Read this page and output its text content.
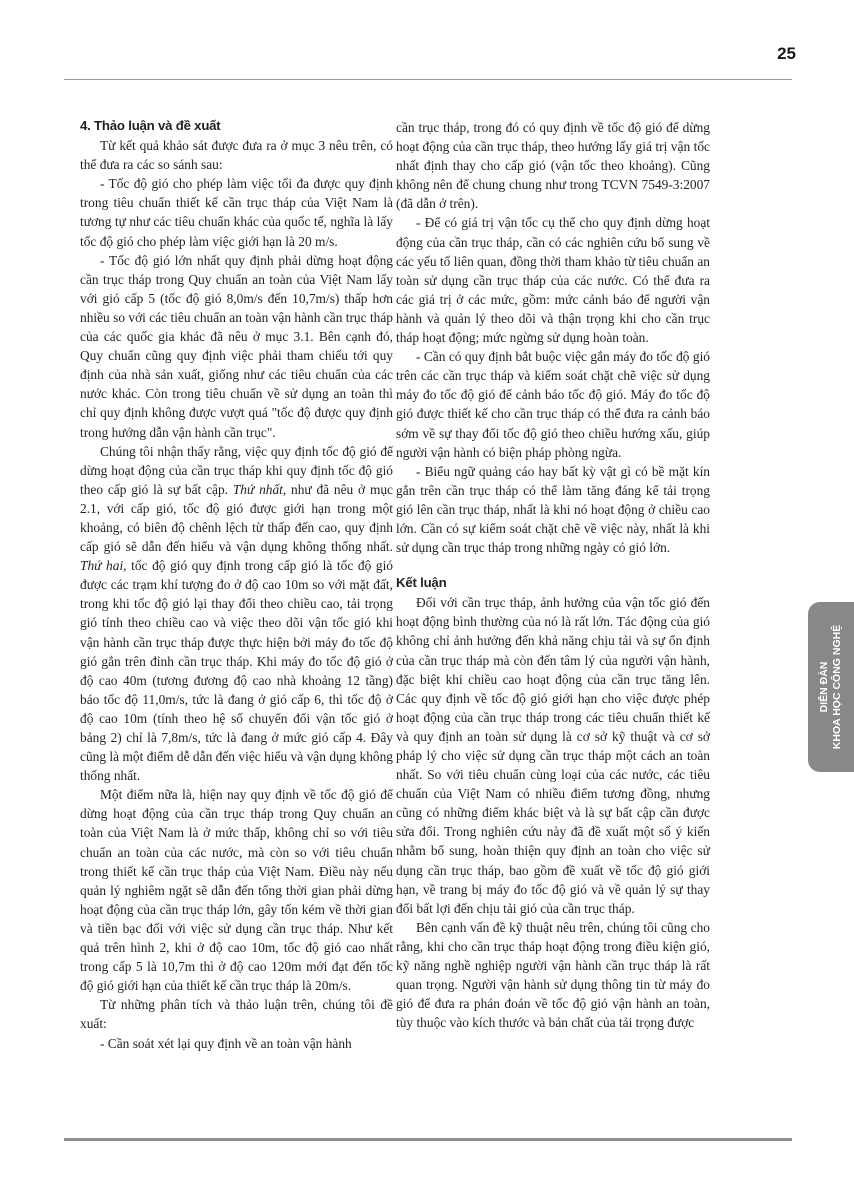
25
4. Thảo luận và đề xuất

Từ kết quả khảo sát được đưa ra ở mục 3 nêu trên, có thể đưa ra các so sánh sau:

- Tốc độ gió cho phép làm việc tối đa được quy định trong tiêu chuẩn thiết kế cần trục tháp của Việt Nam là tương tự như các tiêu chuẩn khác của quốc tế, nghĩa là lấy tốc độ gió cho phép làm việc giới hạn là 20 m/s.

- Tốc độ gió lớn nhất quy định phải dừng hoạt động cần trục tháp trong Quy chuẩn an toàn của Việt Nam lấy với gió cấp 5 (tốc độ gió 8,0m/s đến 10,7m/s) thấp hơn nhiều so với các tiêu chuẩn an toàn vận hành cần trục tháp của các quốc gia khác đã nêu ở mục 3.1. Bên cạnh đó, Quy chuẩn cũng quy định việc phải tham chiếu tới quy định của nhà sản xuất, giống như các tiêu chuẩn của các nước khác. Còn trong tiêu chuẩn về sử dụng an toàn thì chỉ quy định không được vượt quá "tốc độ được quy định trong hướng dẫn vận hành cần trục".

Chúng tôi nhận thấy rằng, việc quy định tốc độ gió để dừng hoạt động của cần trục tháp khi quy định tốc độ gió theo cấp gió là sự bất cập. Thứ nhất, như đã nêu ở mục 2.1, với cấp gió, tốc độ gió được giới hạn trong một khoảng, có biên độ chênh lệch từ thấp đến cao, quy định cấp gió sẽ dẫn đến hiểu và vận dụng không thống nhất. Thứ hai, tốc độ gió quy định trong cấp gió là tốc độ gió được các trạm khí tượng đo ở độ cao 10m so với mặt đất, trong khi tốc độ gió lại thay đổi theo chiều cao, tải trọng gió tính theo chiều cao và việc theo dõi vận tốc gió khi vận hành cần trục tháp được thực hiện bởi máy đo tốc độ gió gắn trên đỉnh cần trục tháp. Khi máy đo tốc độ gió ở độ cao 40m (tương đương độ cao nhà khoảng 12 tầng) báo tốc độ 11,0m/s, tức là đang ở gió cấp 6, thì tốc độ ở độ cao 10m (tính theo hệ số chuyển đổi vận tốc gió ở bảng 2) chỉ là 7,8m/s, tức là đang ở mức gió cấp 4. Đây cũng là một điểm dễ dẫn đến việc hiểu và vận dụng không thống nhất.

Một điểm nữa là, hiện nay quy định về tốc độ gió để dừng hoạt động của cần trục tháp trong Quy chuẩn an toàn của Việt Nam là ở mức thấp, không chỉ so với tiêu chuẩn an toàn của các nước, mà còn so với tiêu chuẩn trong thiết kế cần trục tháp của Việt Nam. Điều này nếu quản lý nghiêm ngặt sẽ dẫn đến tổng thời gian phải dừng hoạt động của cần trục tháp lớn, gây tốn kém về thời gian và tiền bạc đối với việc sử dụng cần trục tháp. Như kết quả trên hình 2, khi ở độ cao 10m, tốc độ gió cao nhất trong cấp 5 là 10,7m thì ở độ cao 120m mới đạt đến tốc độ gió giới hạn của thiết kế cần trục tháp là 20m/s.

Từ những phân tích và thảo luận trên, chúng tôi đề xuất:

- Cần soát xét lại quy định về an toàn vận hành

cần trục tháp, trong đó có quy định về tốc độ gió để dừng hoạt động của cần trục tháp, theo hướng lấy giá trị vận tốc nhất định thay cho cấp gió (vận tốc theo khoảng). Cũng không nên để chung chung như trong TCVN 7549-3:2007 (đã dẫn ở trên).

- Để có giá trị vận tốc cụ thể cho quy định dừng hoạt động của cần trục tháp, cần có các nghiên cứu bổ sung về các yếu tố liên quan, đồng thời tham khảo từ tiêu chuẩn an toàn sử dụng cần trục tháp của các nước. Có thể đưa ra các giá trị ở các mức, gồm: mức cảnh báo để người vận hành và quản lý theo dõi và thận trọng khi cho cần trục tháp hoạt động; mức ngừng sử dụng hoàn toàn.

- Cần có quy định bắt buộc việc gắn máy đo tốc độ gió trên các cần trục tháp và kiểm soát chặt chẽ việc sử dụng máy đo tốc độ gió để cảnh báo tốc độ gió. Máy đo tốc độ gió được thiết kế cho cần trục tháp có thể đưa ra cảnh báo sớm về sự thay đổi tốc độ gió theo chiều hướng xấu, giúp người vận hành có biện pháp phòng ngừa.

- Biểu ngữ quảng cáo hay bất kỳ vật gì có bề mặt kín gắn trên cần trục tháp có thể làm tăng đáng kể tải trọng gió lên cần trục tháp, nhất là khi nó hoạt động ở chiều cao lớn. Cần có sự kiểm soát chặt chẽ về việc này, nhất là khi sử dụng cần trục tháp trong những ngày có gió lớn.

Kết luận

Đối với cần trục tháp, ảnh hưởng của vận tốc gió đến hoạt động bình thường của nó là rất lớn. Tác động của gió không chỉ ảnh hưởng đến khả năng chịu tải và sự ổn định của cần trục tháp mà còn đến tâm lý của người vận hành, đặc biệt khi chiều cao hoạt động của cần trục tăng lên. Các quy định về tốc độ gió giới hạn cho việc được phép hoạt động của cần trục tháp trong các tiêu chuẩn thiết kế và quy định an toàn sử dụng là cơ sở kỹ thuật và cơ sở pháp lý cho việc sử dụng cần trục tháp một cách an toàn nhất. So với tiêu chuẩn cùng loại của các nước, các tiêu chuẩn của Việt Nam có nhiều điểm tương đồng, nhưng cũng có những điểm khác biệt và là sự bất cập cần được sửa đổi. Trong nghiên cứu này đã đề xuất một số ý kiến nhằm bổ sung, hoàn thiện quy định an toàn cho việc sử dụng cần trục tháp, bao gồm đề xuất về tốc độ gió giới hạn, về trang bị máy đo tốc độ gió và về quản lý sự thay đổi bất lợi đến chịu tải gió của cần trục tháp.

Bên cạnh vấn đề kỹ thuật nêu trên, chúng tôi cũng cho rằng, khi cho cần trục tháp hoạt động trong điều kiện gió, kỹ năng nghề nghiệp người vận hành cần trục tháp là rất quan trọng. Người vận hành sử dụng thông tin từ máy đo gió để đưa ra phán đoán về tốc độ gió vận hành an toàn, tùy thuộc vào kích thước và bản chất của tải trọng được

DIỄN ĐÀN KHOA HỌC CÔNG NGHỆ
